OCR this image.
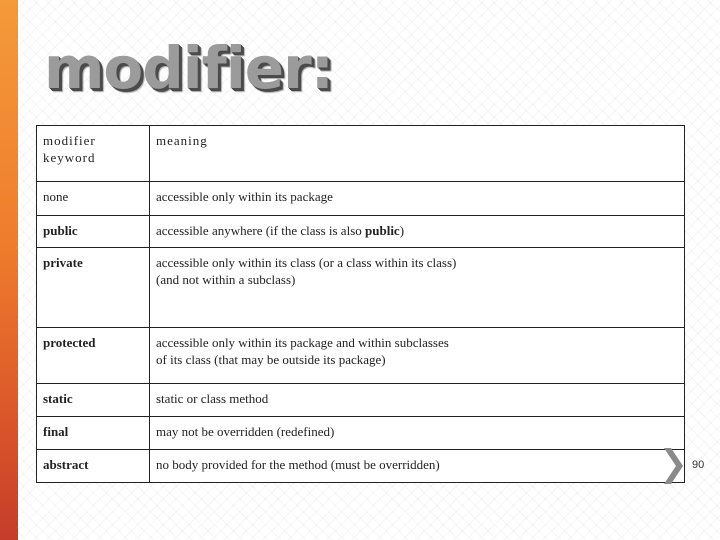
modifier:
modifier keyword	meaning
none	accessible only within its package

public	accessible anywhere (if the class is also public)
private	accessible only within its class (or a class within its class)
(and not within a subclass)

protected	accessible only within its package and within subclasses
of its class (that may be outside its package)

static	static or class method

final	may not be overridden (redefined)

abstract	no body provided for the method (must be overridden)	90
